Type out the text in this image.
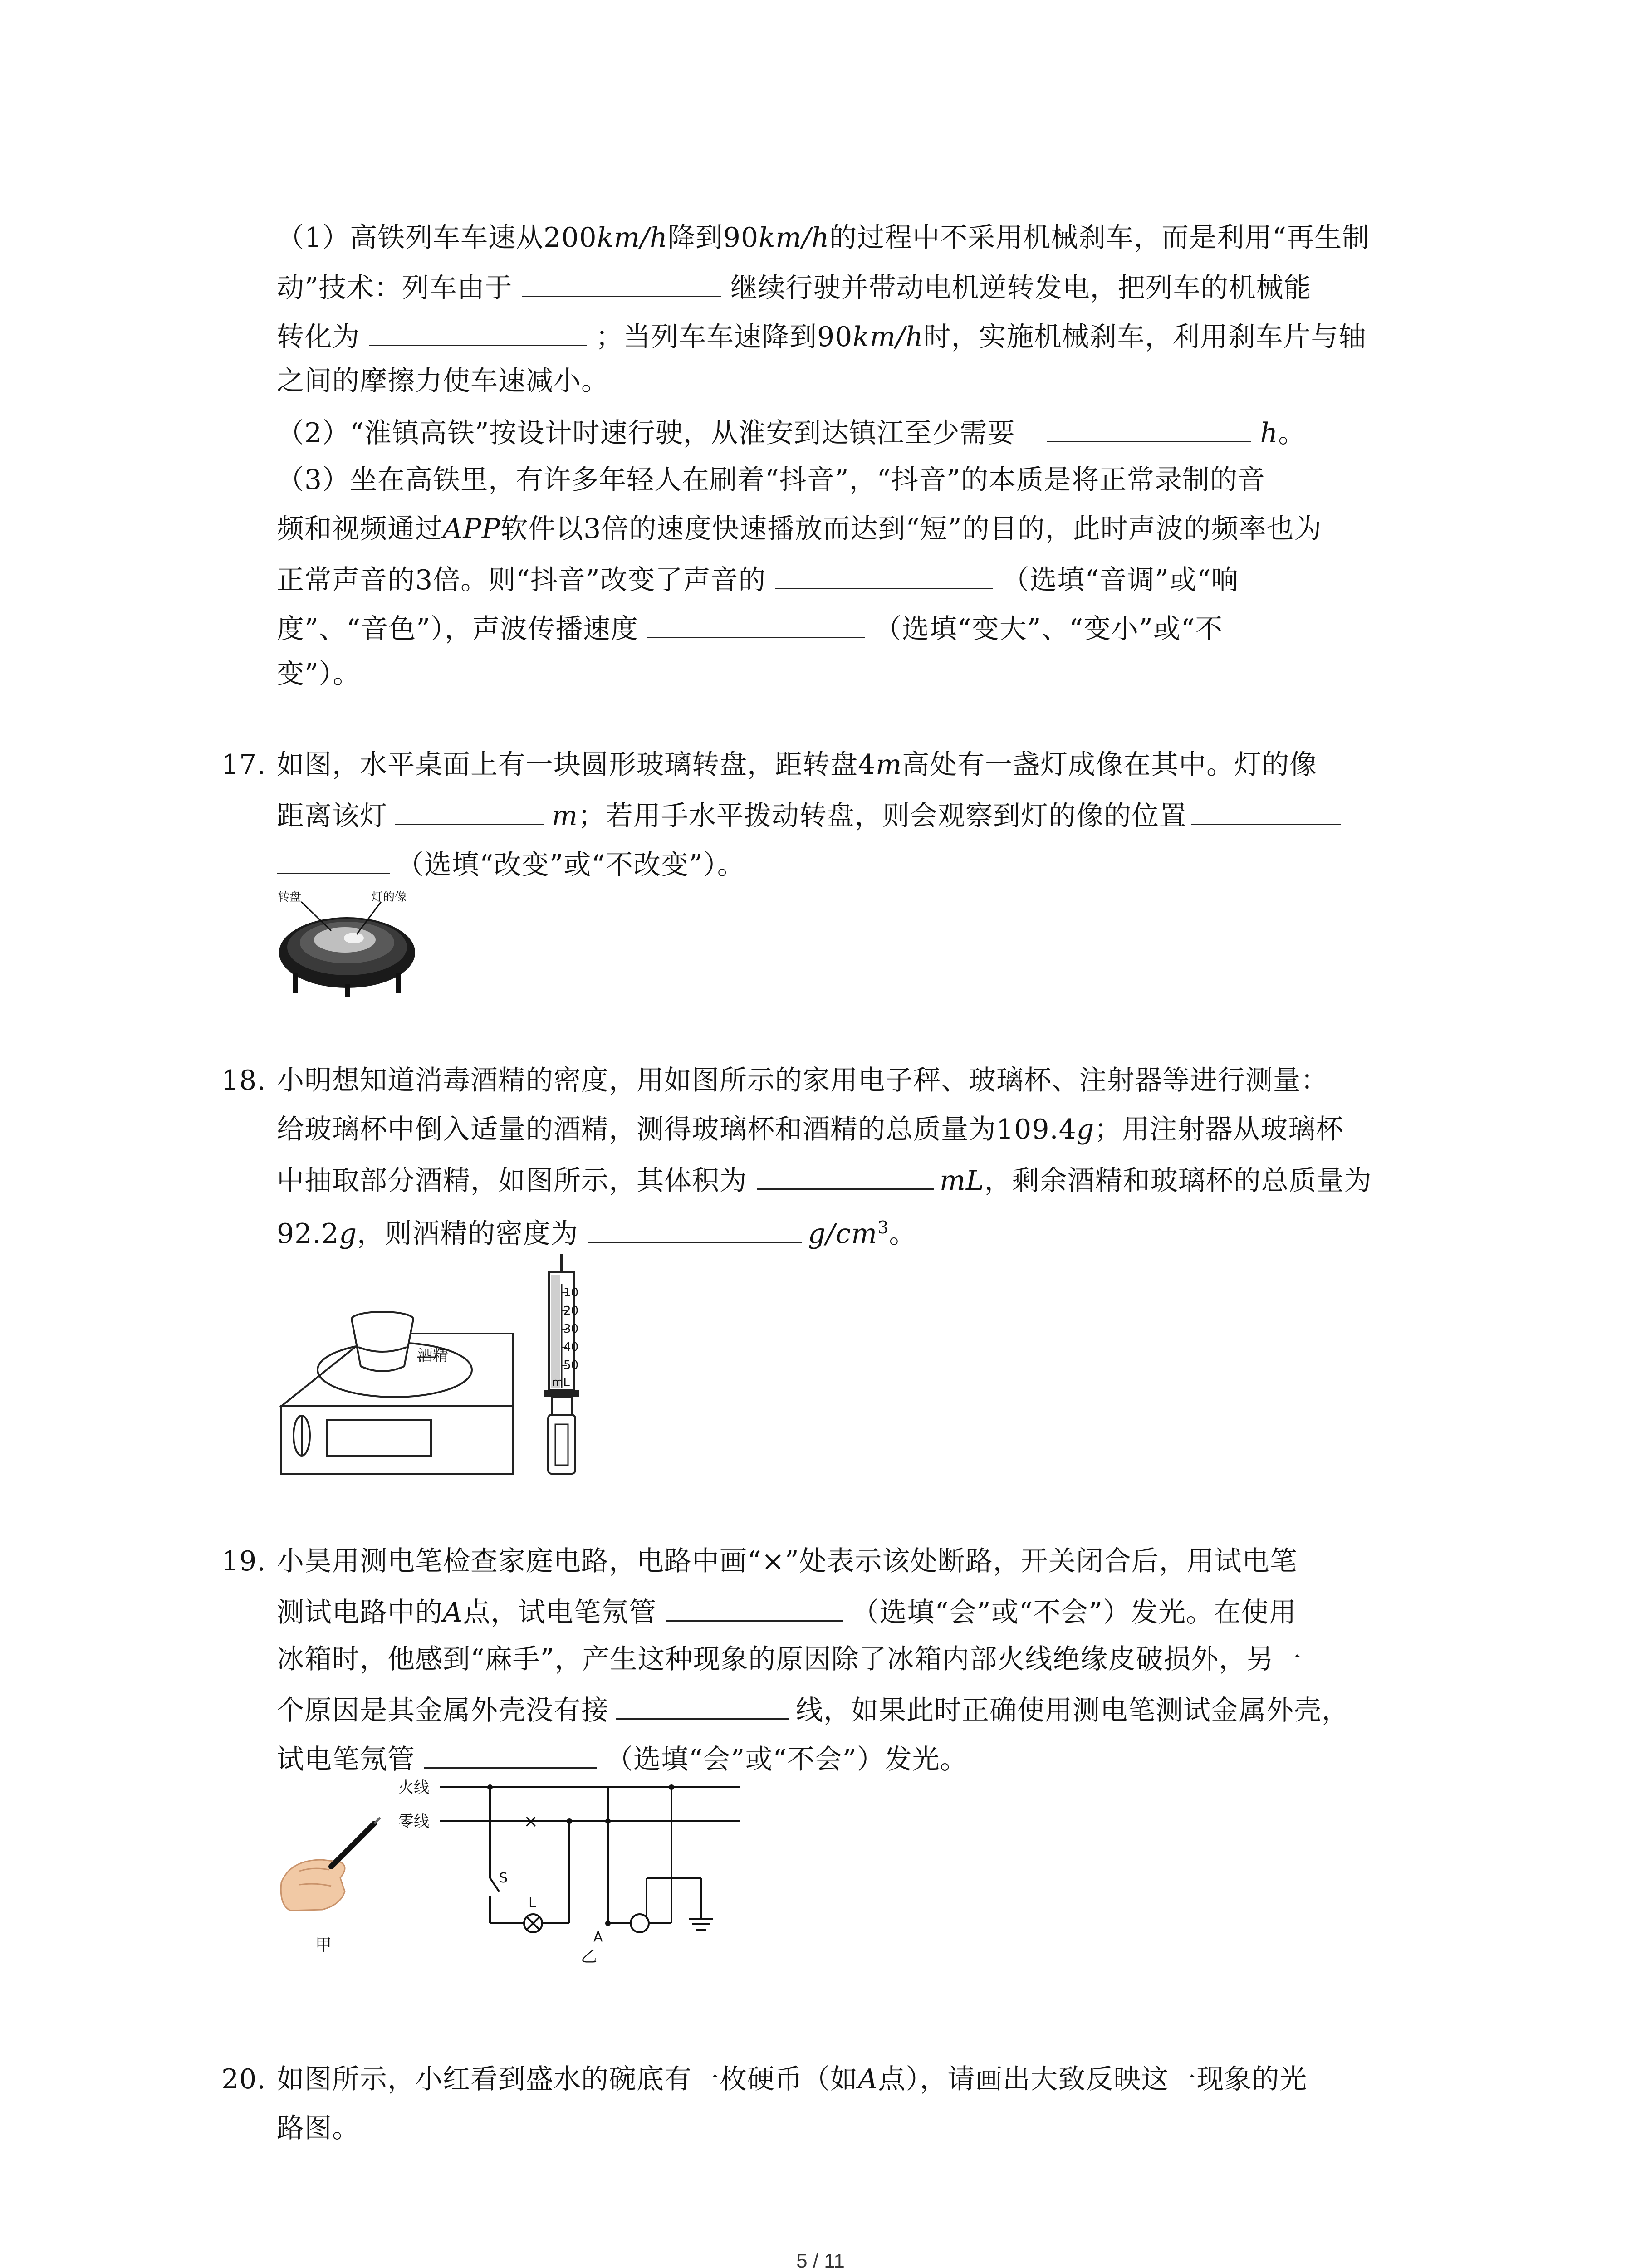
（1）高铁列车车速从200km/h降到90km/h的过程中不采用机械刹车，而是利用“再生制
动”技术：列车由于	继续行驶并带动电机逆转发电，把列车的机械能
转化为	；当列车车速降到90km/h时，实施机械刹车，利用刹车片与轴
之间的摩擦力使车速减小。
（2）“淮镇高铁”按设计时速行驶，从淮安到达镇江至少需要	h。
（3）坐在高铁里，有许多年轻人在刷着“抖音”，“抖音”的本质是将正常录制的音
频和视频通过APP软件以3倍的速度快速播放而达到“短”的目的，此时声波的频率也为
正常声音的3倍。则“抖音”改变了声音的	（选填“音调”或“响
度”、“音色”），声波传播速度	（选填“变大”、“变小”或“不
变”）。
17. 如图，水平桌面上有一块圆形玻璃转盘，距转盘4m高处有一盏灯成像在其中。灯的像
距离该灯	m；若用手水平拨动转盘，则会观察到灯的像的位置
（选填“改变”或“不改变”）。
转盘	灯的像
18. 小明想知道消毒酒精的密度，用如图所示的家用电子秤、玻璃杯、注射器等进行测量：
给玻璃杯中倒入适量的酒精，测得玻璃杯和酒精的总质量为109.4g；用注射器从玻璃杯
中抽取部分酒精，如图所示，其体积为	mL，剩余酒精和玻璃杯的总质量为
92.2g，则酒精的密度为	$g/cm^3$。
酒精
10
20
30
40
50
mL
19. 小昊用测电笔检查家庭电路，电路中画“×”处表示该处断路，开关闭合后，用试电笔
测试电路中的A点，试电笔氖管	（选填“会”或“不会”）发光。在使用
冰箱时，他感到“麻手”，产生这种现象的原因除了冰箱内部火线绝缘皮破损外，另一
个原因是其金属外壳没有接	线，如果此时正确使用测电笔测试金属外壳，
试电笔氖管	（选填“会”或“不会”）发光。
甲
火线
零线	×
S
L
A
乙
20. 如图所示，小红看到盛水的碗底有一枚硬币（如A点），请画出大致反映这一现象的光
路图。
5 / 11
